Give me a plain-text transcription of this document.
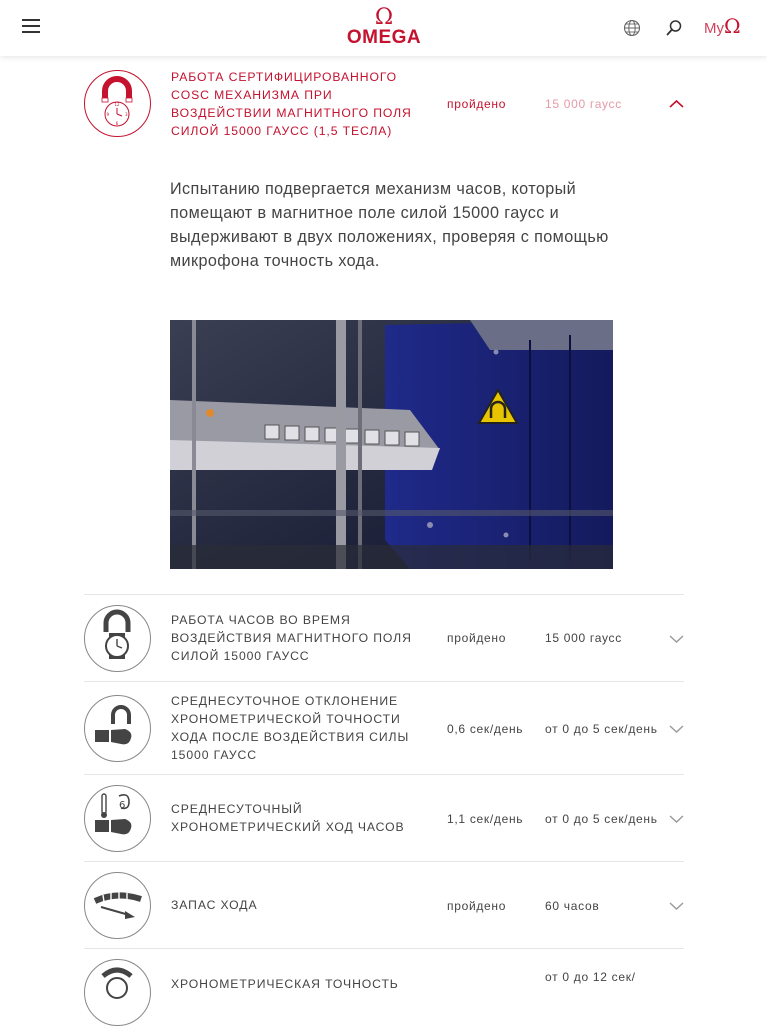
Ω
OMEGA	MyΩ
12
9	3
6
РАБОТА СЕРТИФИЦИРОВАННОГО COSC МЕХАНИЗМА ПРИ ВОЗДЕЙСТВИИ МАГНИТНОГО ПОЛЯ СИЛОЙ 15000 ГАУСС (1,5 ТЕСЛА)
пройдено	15 000 гаусс
Испытанию подвергается механизм часов, который помещают в магнитное поле силой 15000 гаусс и выдерживают в двух положениях, проверяя с помощью микрофона точность хода.
РАБОТА ЧАСОВ ВО ВРЕМЯ ВОЗДЕЙСТВИЯ МАГНИТНОГО ПОЛЯ СИЛОЙ 15000 ГАУСС
пройдено	15 000 гаусс
СРЕДНЕСУТОЧНОЕ ОТКЛОНЕНИЕ ХРОНОМЕТРИЧЕСКОЙ ТОЧНОСТИ ХОДА ПОСЛЕ ВОЗДЕЙСТВИЯ СИЛЫ 15000 ГАУСС
0,6 сек/день от 0 до 5 сек/день
6	СРЕДНЕСУТОЧНЫЙ ХРОНОМЕТРИЧЕСКИЙ ХОД ЧАСОВ
1,1 сек/день от 0 до 5 сек/день
ЗАПАС ХОДА	пройдено	60 часов
ХРОНОМЕТРИЧЕСКАЯ ТОЧНОСТЬ	от 0 до 12 сек/
